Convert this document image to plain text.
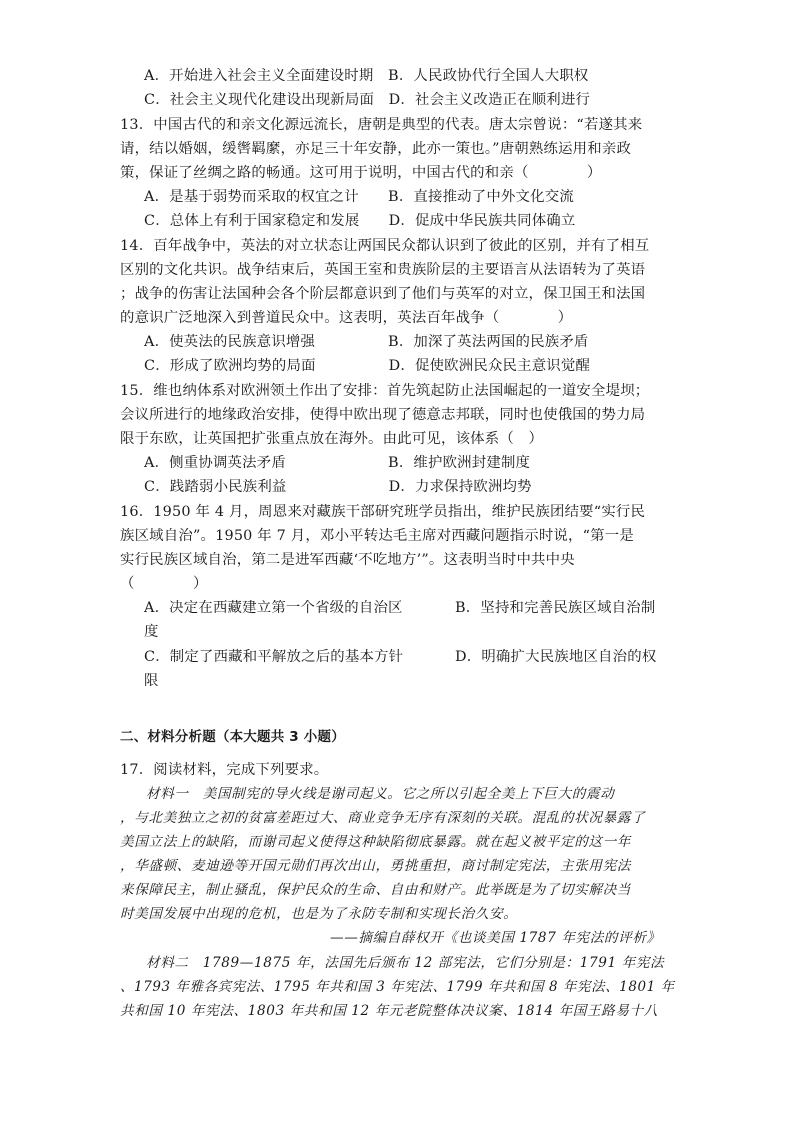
A．开始进入社会主义全面建设时期　B．人民政协代行全国人大职权
C．社会主义现代化建设出现新局面　D．社会主义改造正在顺利进行
13．中国古代的和亲文化源远流长，唐朝是典型的代表。唐太宗曾说：“若遂其来
请，结以婚姻，缓辔羁縻，亦足三十年安静，此亦一策也。”唐朝熟练运用和亲政
策，保证了丝绸之路的畅通。这可用于说明，中国古代的和亲（　　　　）
A．是基于弱势而采取的权宜之计　　B．直接推动了中外文化交流
C．总体上有利于国家稳定和发展　　D．促成中华民族共同体确立
14．百年战争中，英法的对立状态让两国民众都认识到了彼此的区别，并有了相互
区别的文化共识。战争结束后，英国王室和贵族阶层的主要语言从法语转为了英语
；战争的伤害让法国种会各个阶层都意识到了他们与英军的对立，保卫国王和法国
的意识广泛地深入到普道民众中。这表明，英法百年战争（　　　　）
A．使英法的民族意识增强　　　　　B．加深了英法两国的民族矛盾
C．形成了欧洲均势的局面　　　　　D．促使欧洲民众民主意识觉醒
15．维也纳体系对欧洲领土作出了安排：首先筑起防止法国崛起的一道安全堤坝；
会议所进行的地缘政治安排，使得中欧出现了德意志邦联，同时也使俄国的势力局
限于东欧，让英国把扩张重点放在海外。由此可见，该体系（　）
A．侧重协调英法矛盾　　　　　　　B．维护欧洲封建制度
C．践踏弱小民族利益　　　　　　　D．力求保持欧洲均势
16．1950 年 4 月，周恩来对藏族干部研究班学员指出，维护民族团结要“实行民
族区域自治”。1950 年 7 月，邓小平转达毛主席对西藏问题指示时说，“第一是
实行民族区域自治，第二是进军西藏‘不吃地方’”。这表明当时中共中央
（　　　　）
A．决定在西藏建立第一个省级的自治区	B．坚持和完善民族区域自治制
度
C．制定了西藏和平解放之后的基本方针	D．明确扩大民族地区自治的权
限
二、材料分析题（本大题共 3 小题）
17．阅读材料，完成下列要求。
材料一　美国制宪的导火线是谢司起义。它之所以引起全美上下巨大的震动
，与北美独立之初的贫富差距过大、商业竞争无序有深刻的关联。混乱的状况暴露了
美国立法上的缺陷，而谢司起义使得这种缺陷彻底暴露。就在起义被平定的这一年
，华盛顿、麦迪逊等开国元勋们再次出山，勇挑重担，商讨制定宪法，主张用宪法
来保障民主，制止骚乱，保护民众的生命、自由和财产。此举既是为了切实解决当
时美国发展中出现的危机，也是为了永防专制和实现长治久安。
——摘编自薛权开《也谈美国 1787 年宪法的评析》
材料二　1789—1875 年，法国先后颁布 12 部宪法，它们分别是：1791 年宪法
、1793 年雅各宾宪法、1795 年共和国 3 年宪法、1799 年共和国 8 年宪法、1801 年
共和国 10 年宪法、1803 年共和国 12 年元老院整体决议案、1814 年国王路易十八
